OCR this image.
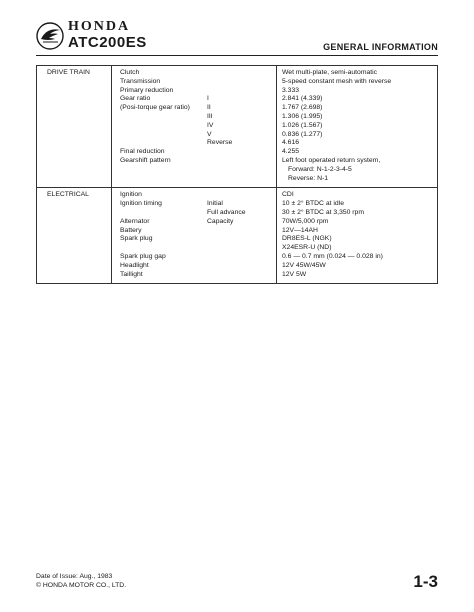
HONDA
ATC200ES	GENERAL INFORMATION
DRIVE TRAIN	Clutch	Wet multi-plate, semi-automatic
Transmission	5-speed constant mesh with reverse
Primary reduction	3.333
Gear ratio	I	2.841 (4.339)
(Posi-torque gear ratio)	II	1.767 (2.698)
III	1.306 (1.995)
IV	1.026 (1.567)
V	0.836 (1.277)
Reverse	4.616
Final reduction	4.255
Gearshift pattern	Left foot operated return system,
Forward: N-1-2-3-4-5
Reverse: N-1
ELECTRICAL	Ignition	CDI
Ignition timing	Initial	10 ± 2° BTDC at idle
Full advance	30 ± 2° BTDC at 3,350 rpm
Alternator	Capacity	70W/5,000 rpm
Battery	12V—14AH
Spark plug	DR8ES-L (NGK)
X24ESR-U (ND)
Spark plug gap	0.6 — 0.7 mm (0.024 — 0.028 in)
Headlight	12V 45W/45W
Taillight	12V 5W
Date of Issue: Aug., 1983
© HONDA MOTOR CO., LTD.	1-3
